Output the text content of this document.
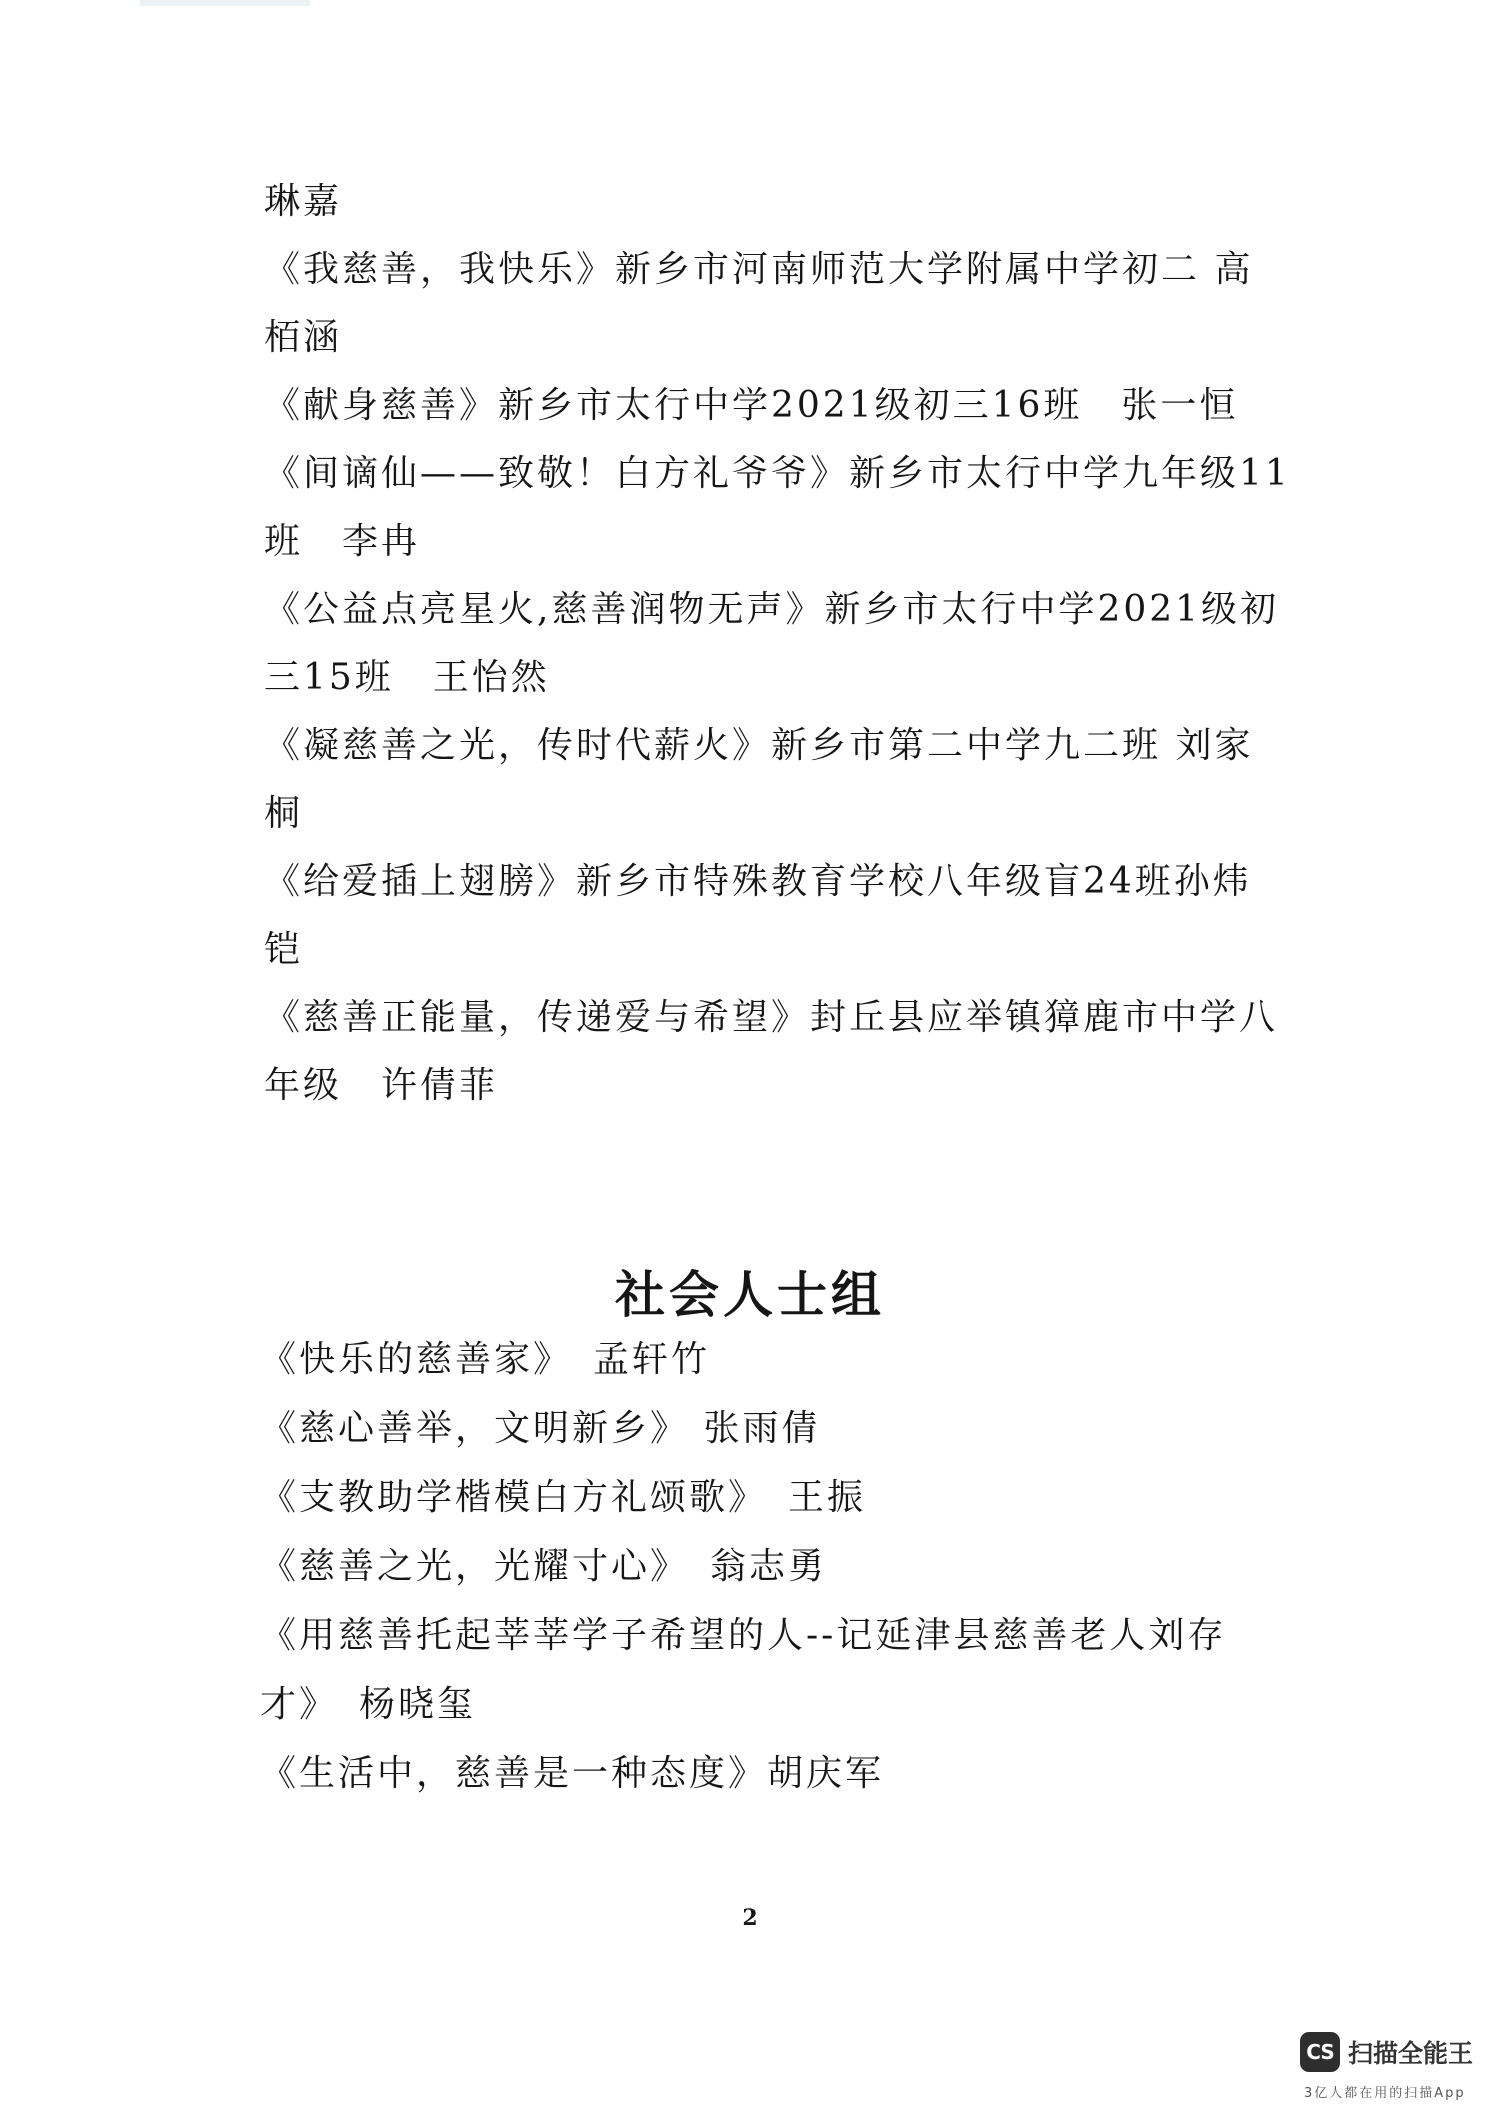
琳嘉
《我慈善，我快乐》新乡市河南师范大学附属中学初二 高
栢涵
《献身慈善》新乡市太行中学2021级初三16班　张一恒
《间谪仙——致敬！白方礼爷爷》新乡市太行中学九年级11
班　李冉
《公益点亮星火,慈善润物无声》新乡市太行中学2021级初
三15班　王怡然
《凝慈善之光，传时代薪火》新乡市第二中学九二班 刘家
桐
《给爱插上翅膀》新乡市特殊教育学校八年级盲24班孙炜
铠
《慈善正能量，传递爱与希望》封丘县应举镇獐鹿市中学八
年级　许倩菲
社会人士组
《快乐的慈善家》　孟轩竹
《慈心善举，文明新乡》 张雨倩
《支教助学楷模白方礼颂歌》　王振
《慈善之光，光耀寸心》　翁志勇
《用慈善托起莘莘学子希望的人--记延津县慈善老人刘存
才》　杨晓玺
《生活中，慈善是一种态度》胡庆军
2
CS 扫描全能王
3亿人都在用的扫描App
